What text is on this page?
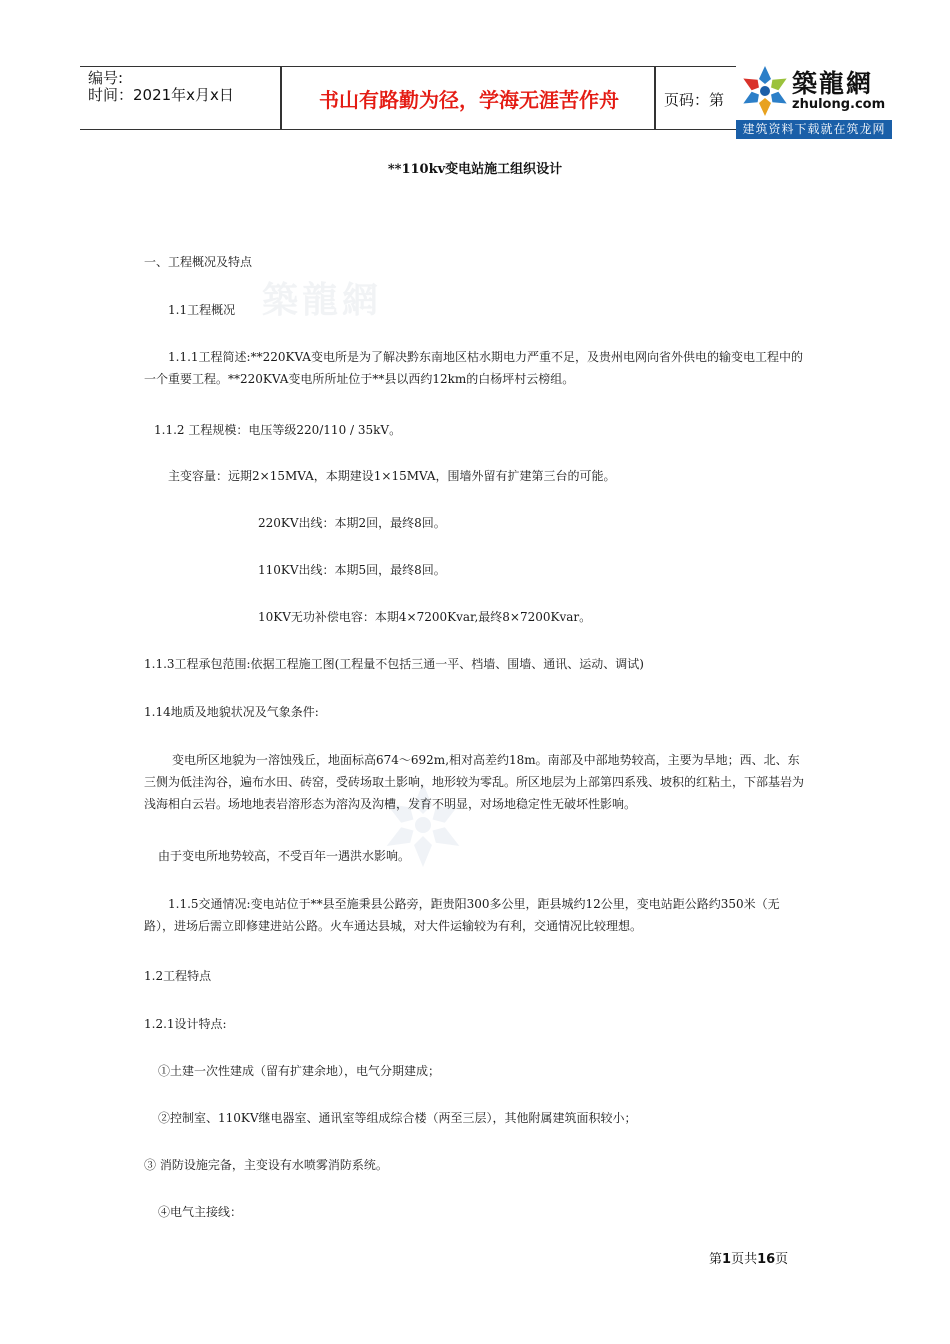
编号:
时间：2021年x月x日	书山有路勤为径，学海无涯苦作舟	页码：第
築龍網
zhulong.com
建筑资料下载就在筑龙网
築龍網
**110kv变电站施工组织设计
一、工程概况及特点
1.1工程概况
1.1.1工程简述:**220KVA变电所是为了解决黔东南地区枯水期电力严重不足，及贵州电网向省外供电的输变电工程中的一个重要工程。**220KVA变电所所址位于**县以西约12km的白杨坪村云榜组。
1.1.2 工程规模：电压等级220/110 / 35kV。
主变容量：远期2×15MVA，本期建设1×15MVA，围墙外留有扩建第三台的可能。
220KV出线：本期2回，最终8回。
110KV出线：本期5回，最终8回。
10KV无功补偿电容：本期4×7200Kvar,最终8×7200Kvar。
1.1.3工程承包范围:依据工程施工图(工程量不包括三通一平、档墙、围墙、通讯、运动、调试)
1.14地质及地貌状况及气象条件:
变电所区地貌为一溶蚀残丘，地面标高674～692m,相对高差约18m。南部及中部地势较高，主要为旱地；西、北、东三侧为低洼沟谷，遍布水田、砖窑，受砖场取土影响，地形较为零乱。所区地层为上部第四系残、坡积的红粘土，下部基岩为浅海相白云岩。场地地表岩溶形态为溶沟及沟槽，发育不明显，对场地稳定性无破坏性影响。
由于变电所地势较高，不受百年一遇洪水影响。
1.1.5交通情况:变电站位于**县至施秉县公路旁，距贵阳300多公里，距县城约12公里，变电站距公路约350米（无路），进场后需立即修建进站公路。火车通达县城，对大件运输较为有利，交通情况比较理想。
1.2工程特点
1.2.1设计特点:
①土建一次性建成（留有扩建余地），电气分期建成；
②控制室、110KV继电器室、通讯室等组成综合楼（两至三层），其他附属建筑面积较小；
③ 消防设施完备，主变设有水喷雾消防系统。
④电气主接线：
第1页共16页
